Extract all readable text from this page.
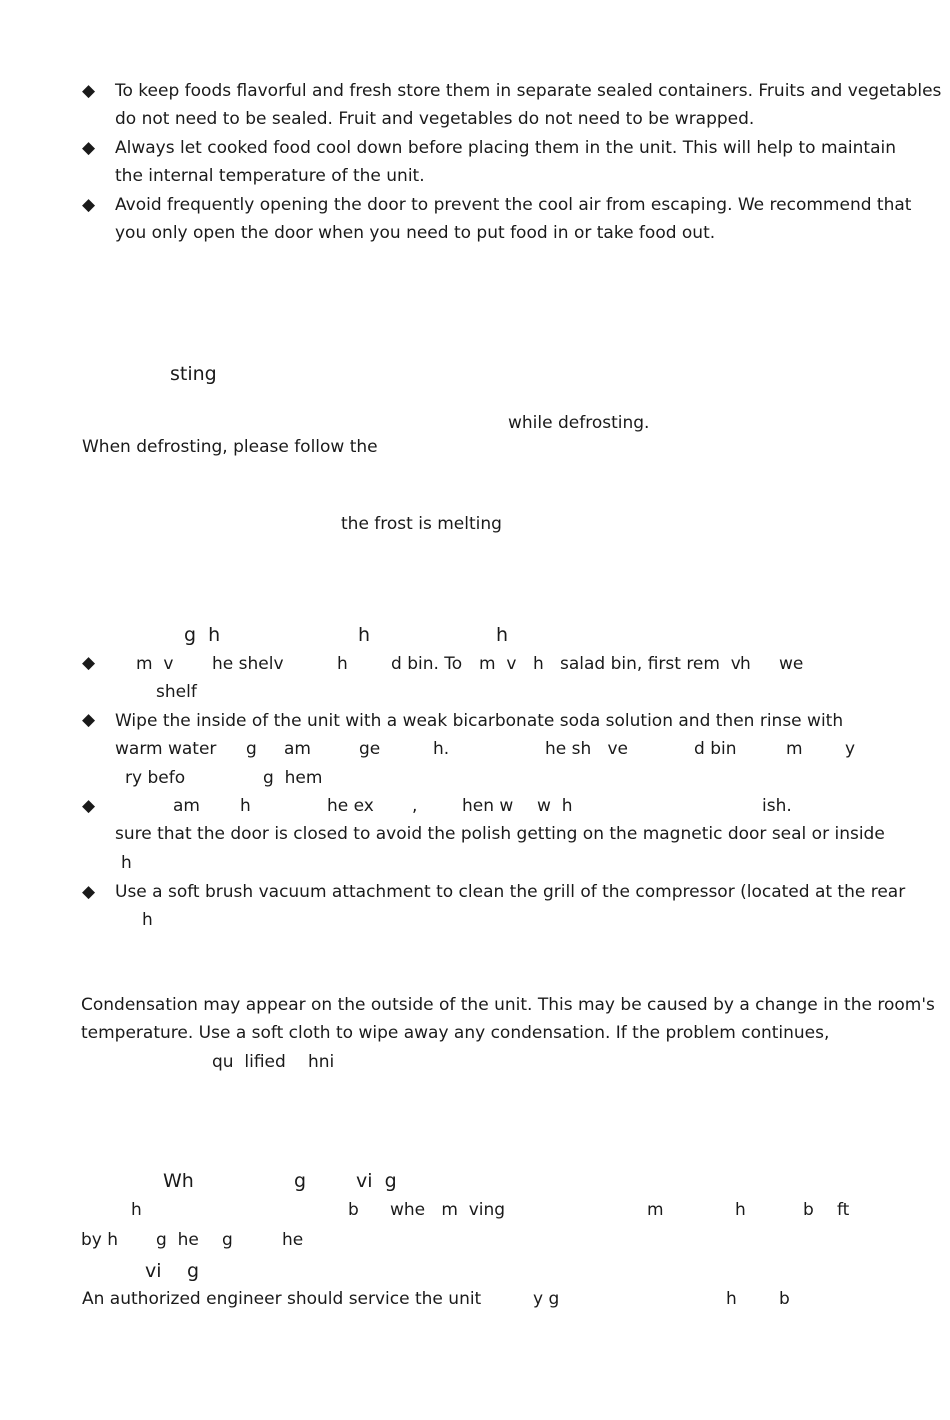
◆ To keep foods flavorful and fresh store them in separate sealed containers. Fruits and vegetables
do not need to be sealed. Fruit and vegetables do not need to be wrapped.
◆ Always let cooked food cool down before placing them in the unit. This will help to maintain
the internal temperature of the unit.
◆ Avoid frequently opening the door to prevent the cool air from escaping. We recommend that
you only open the door when you need to put food in or take food out.
sting
while defrosting.
When defrosting, please follow the
the frost is melting
g  h	h	h
◆ m  v he shelv	h	d bin. To m  v h   salad bin, first rem  v h we
shelf
◆ Wipe the inside of the unit with a weak bicarbonate soda solution and then rinse with
warm water g am	ge	h.	he sh   ve	d bin	m y
ry befo	g  hem
◆	am h	he ex ,	hen w w  h	ish.
sure that the door is closed to avoid the polish getting on the magnetic door seal or inside
h
◆ Use a soft brush vacuum attachment to clean the grill of the compressor (located at the rear
h
Condensation may appear on the outside of the unit. This may be caused by a change in the room's
temperature. Use a soft cloth to wipe away any condensation. If the problem continues,
qu  lified hni
Wh	g	vi  g
h	b whe   m  ving	m	h	b ft
by h g  he g	he
vi g
An authorized engineer should service the unit	y g	h b
